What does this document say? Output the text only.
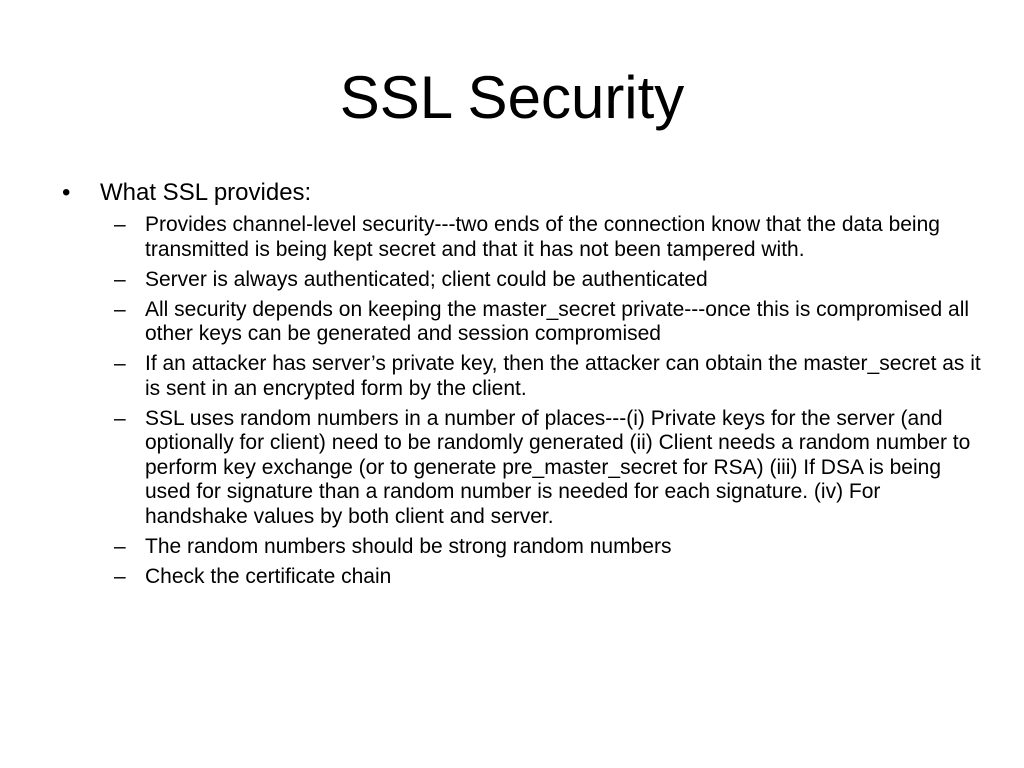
SSL Security
• What SSL provides:
– Provides channel-level security---two ends of the connection know that the data being transmitted is being kept secret and that it has not been tampered with.
– Server is always authenticated; client could be authenticated
– All security depends on keeping the master_secret private---once this is compromised all other keys can be generated and session compromised
– If an attacker has server’s private key, then the attacker can obtain the master_secret as it is sent in an encrypted form by the client.
– SSL uses random numbers in a number of places---(i) Private keys for the server (and optionally for client) need to be randomly generated (ii) Client needs a random number to perform key exchange (or to generate pre_master_secret for RSA) (iii) If DSA is being used for signature than a random number is needed for each signature. (iv) For handshake values by both client and server.
– The random numbers should be strong random numbers
– Check the certificate chain
